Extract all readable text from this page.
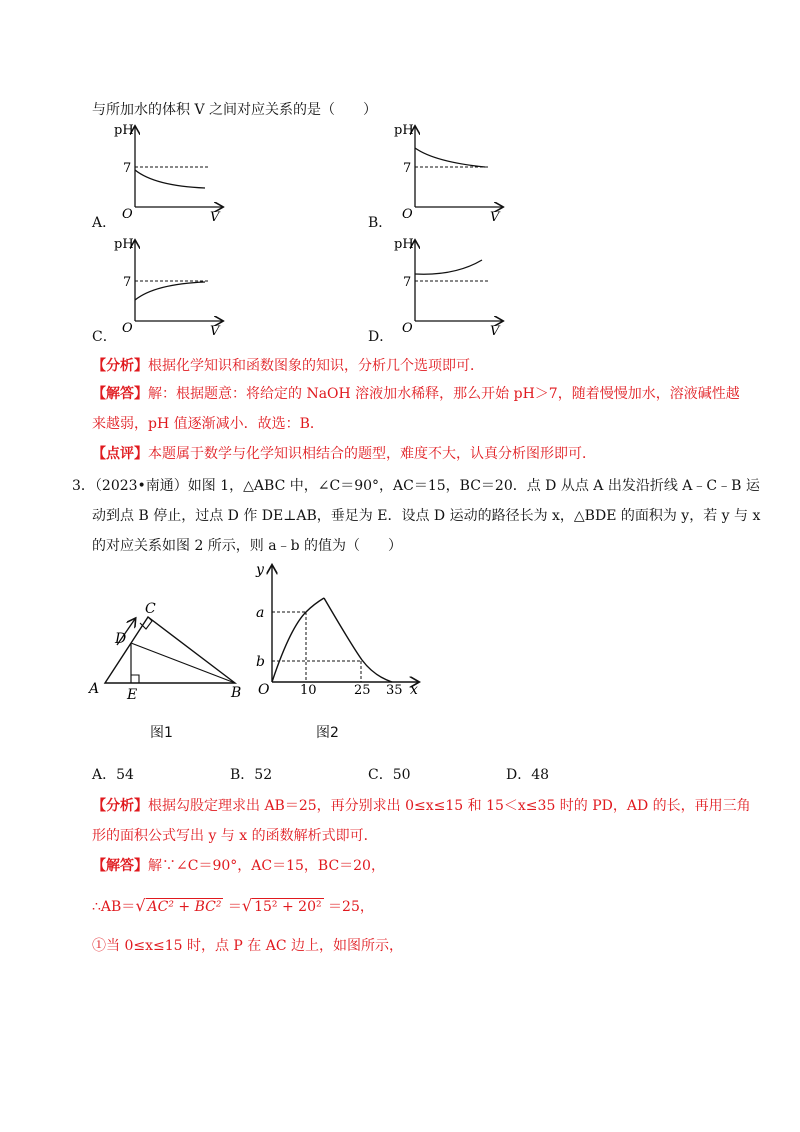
与所加水的体积 V 之间对应关系的是（　　）
pH
7
O	V
A．
pH
7
O	V
B．
pH
7
O	V
C．
pH
7
O	V
D．
【分析】根据化学知识和函数图象的知识，分析几个选项即可．
【解答】解：根据题意：将给定的 NaOH 溶液加水稀释，那么开始 pH＞7，随着慢慢加水，溶液碱性越
来越弱，pH 值逐渐减小．故选：B．
【点评】本题属于数学与化学知识相结合的题型，难度不大，认真分析图形即可．
3．（2023•南通）如图 1，△ABC 中，∠C＝90°，AC＝15，BC＝20．点 D 从点 A 出发沿折线 A﹣C﹣B 运
动到点 B 停止，过点 D 作 DE⊥AB，垂足为 E．设点 D 运动的路径长为 x，△BDE 的面积为 y，若 y 与 x
的对应关系如图 2 所示，则 a﹣b 的值为（　　）
A	B
C
D
E
图1
y
a
b
O 10	25 35 x
图2
A．54	B．52	C．50	D．48
【分析】根据勾股定理求出 AB＝25，再分别求出 0≤x≤15 和 15＜x≤35 时的 PD，AD 的长，再用三角
形的面积公式写出 y 与 x 的函数解析式即可．
【解答】解∵∠C＝90°，AC＝15，BC＝20，
∴AB＝√ AC² + BC² ＝√ 15² + 20² ＝25，
①当 0≤x≤15 时，点 P 在 AC 边上，如图所示，
